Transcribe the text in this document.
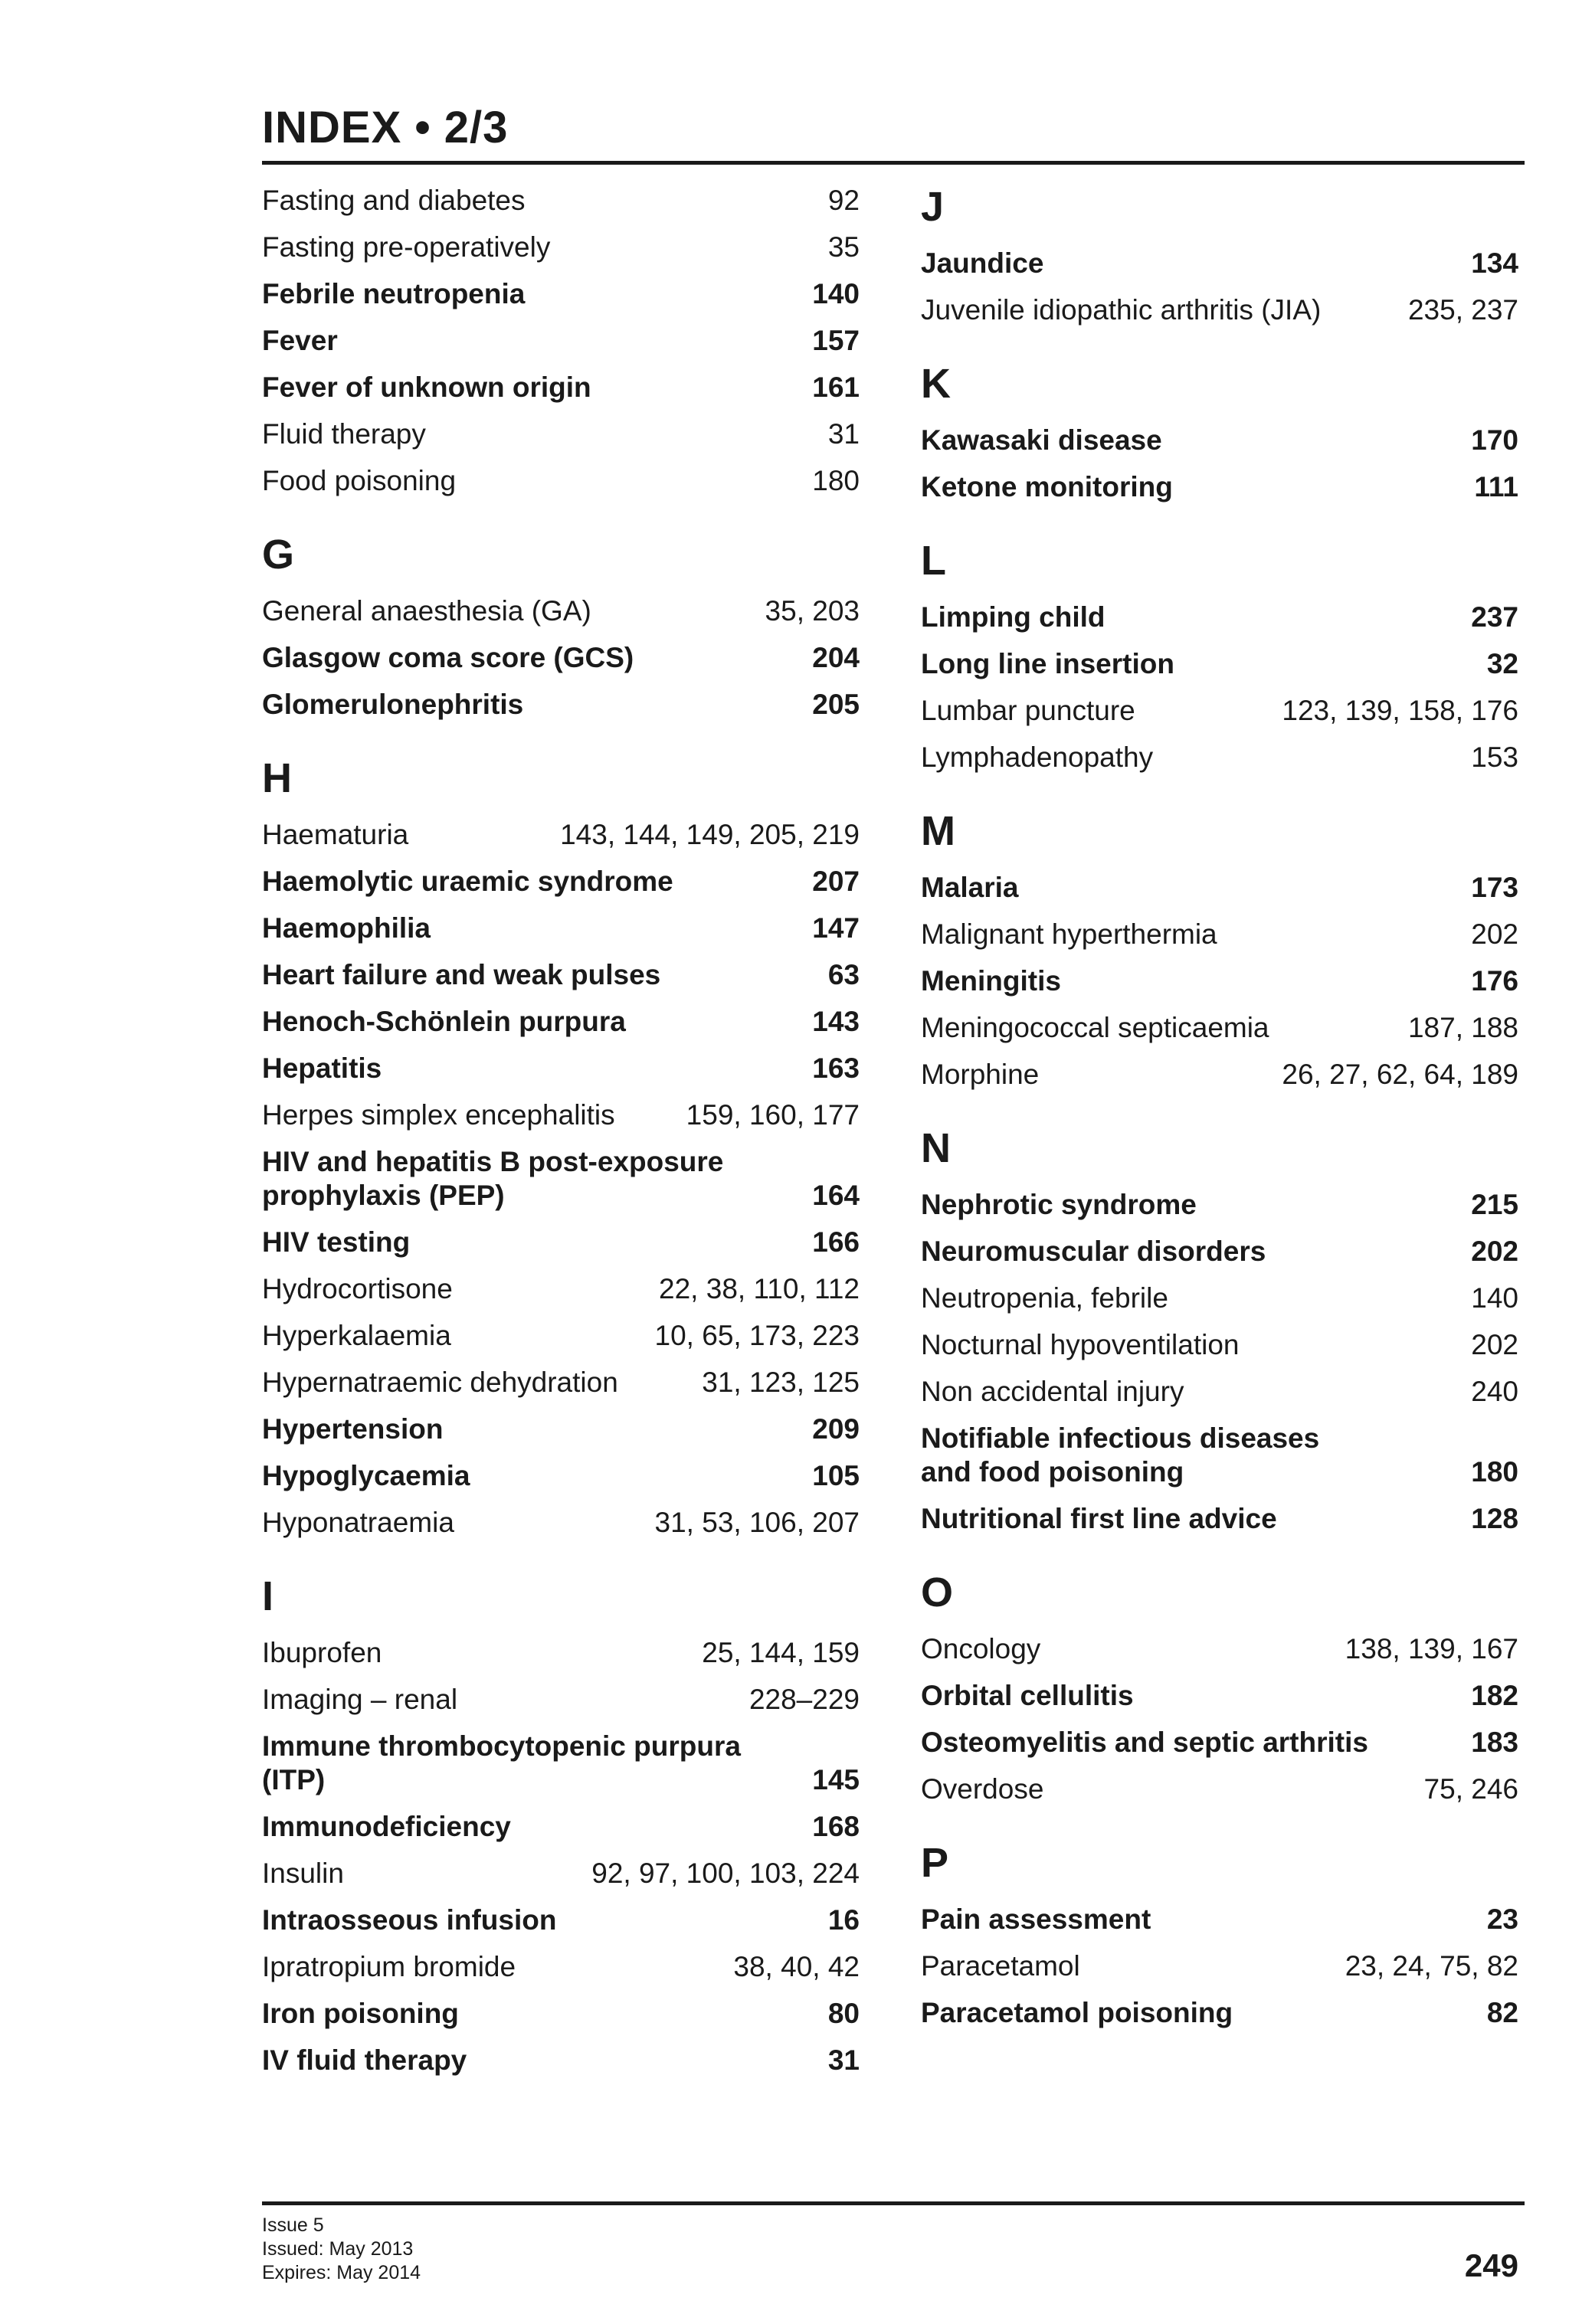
INDEX • 2/3
Fasting and diabetes	92
Fasting pre-operatively	35
Febrile neutropenia	140
Fever	157
Fever of unknown origin	161
Fluid therapy	31
Food poisoning	180
G
General anaesthesia (GA)	35, 203
Glasgow coma score (GCS)	204
Glomerulonephritis	205
H
Haematuria	143, 144, 149, 205, 219
Haemolytic uraemic syndrome	207
Haemophilia	147
Heart failure and weak pulses	63
Henoch-Schönlein purpura	143
Hepatitis	163
Herpes simplex encephalitis	159, 160, 177
HIV and hepatitis B post-exposure
prophylaxis (PEP)	164
HIV testing	166
Hydrocortisone	22, 38, 110, 112
Hyperkalaemia	10, 65, 173, 223
Hypernatraemic dehydration	31, 123, 125
Hypertension	209
Hypoglycaemia	105
Hyponatraemia	31, 53, 106, 207
I
Ibuprofen	25, 144, 159
Imaging – renal	228–229
Immune thrombocytopenic purpura (ITP)	145
Immunodeficiency	168
Insulin	92, 97, 100, 103, 224
Intraosseous infusion	16
Ipratropium bromide	38, 40, 42
Iron poisoning	80
IV fluid therapy	31
J
Jaundice	134
Juvenile idiopathic arthritis (JIA)	235, 237
K
Kawasaki disease	170
Ketone monitoring	111
L
Limping child	237
Long line insertion	32
Lumbar puncture	123, 139, 158, 176
Lymphadenopathy	153
M
Malaria	173
Malignant hyperthermia	202
Meningitis	176
Meningococcal septicaemia	187, 188
Morphine	26, 27, 62, 64, 189
N
Nephrotic syndrome	215
Neuromuscular disorders	202
Neutropenia, febrile	140
Nocturnal hypoventilation	202
Non accidental injury	240
Notifiable infectious diseases
and food poisoning	180
Nutritional first line advice	128
O
Oncology	138, 139, 167
Orbital cellulitis	182
Osteomyelitis and septic arthritis	183
Overdose	75, 246
P
Pain assessment	23
Paracetamol	23, 24, 75, 82
Paracetamol poisoning	82
Issue 5
Issued: May 2013
Expires: May 2014	249
